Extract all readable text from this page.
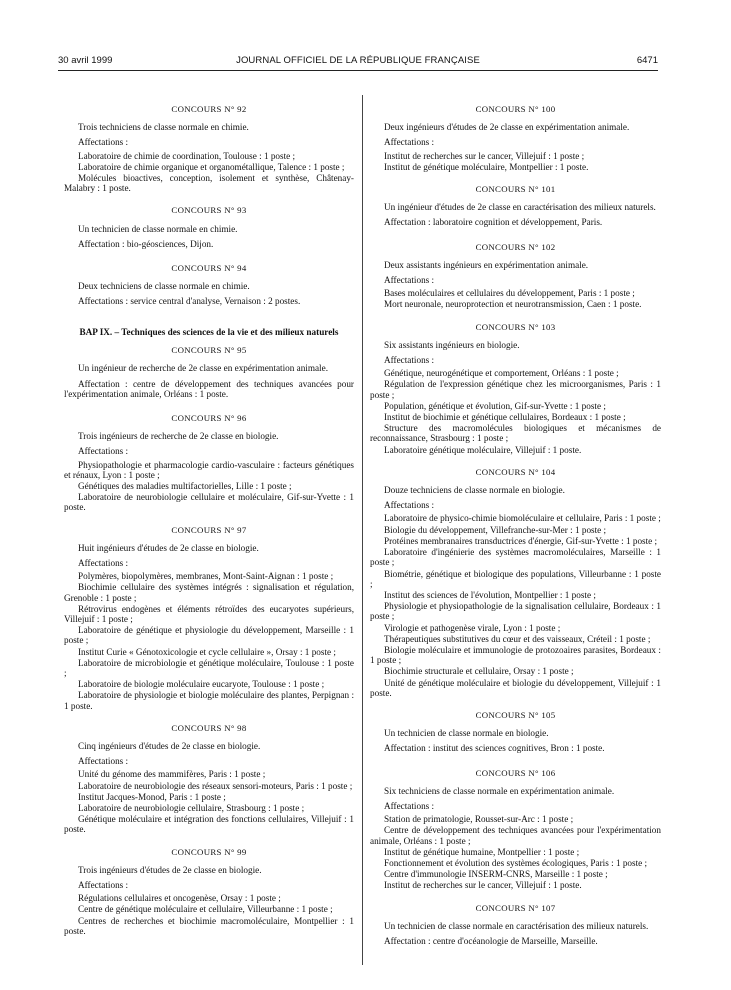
30 avril 1999	JOURNAL OFFICIEL DE LA RÉPUBLIQUE FRANÇAISE	6471
CONCOURS N° 92
Trois techniciens de classe normale en chimie.
Affectations :
Laboratoire de chimie de coordination, Toulouse : 1 poste ;
Laboratoire de chimie organique et organométallique, Talence : 1 poste ;
Molécules bioactives, conception, isolement et synthèse, Châtenay-Malabry : 1 poste.
CONCOURS N° 93
Un technicien de classe normale en chimie.
Affectation : bio-géosciences, Dijon.
CONCOURS N° 94
Deux techniciens de classe normale en chimie.
Affectations : service central d'analyse, Vernaison : 2 postes.
BAP IX. – Techniques des sciences de la vie et des milieux naturels
CONCOURS N° 95
Un ingénieur de recherche de 2e classe en expérimentation animale.
Affectation : centre de développement des techniques avancées pour l'expérimentation animale, Orléans : 1 poste.
CONCOURS N° 96
Trois ingénieurs de recherche de 2e classe en biologie.
Affectations :
Physiopathologie et pharmacologie cardio-vasculaire : facteurs génétiques et rénaux, Lyon : 1 poste ;
Génétiques des maladies multifactorielles, Lille : 1 poste ;
Laboratoire de neurobiologie cellulaire et moléculaire, Gif-sur-Yvette : 1 poste.
CONCOURS N° 97
Huit ingénieurs d'études de 2e classe en biologie.
Affectations :
Polymères, biopolymères, membranes, Mont-Saint-Aignan : 1 poste ;
Biochimie cellulaire des systèmes intégrés : signalisation et régulation, Grenoble : 1 poste ;
Rétrovirus endogènes et éléments rétroïdes des eucaryotes supérieurs, Villejuif : 1 poste ;
Laboratoire de génétique et physiologie du développement, Marseille : 1 poste ;
Institut Curie « Génotoxicologie et cycle cellulaire », Orsay : 1 poste ;
Laboratoire de microbiologie et génétique moléculaire, Toulouse : 1 poste ;
Laboratoire de biologie moléculaire eucaryote, Toulouse : 1 poste ;
Laboratoire de physiologie et biologie moléculaire des plantes, Perpignan : 1 poste.
CONCOURS N° 98
Cinq ingénieurs d'études de 2e classe en biologie.
Affectations :
Unité du génome des mammifères, Paris : 1 poste ;
Laboratoire de neurobiologie des réseaux sensori-moteurs, Paris : 1 poste ;
Institut Jacques-Monod, Paris : 1 poste ;
Laboratoire de neurobiologie cellulaire, Strasbourg : 1 poste ;
Génétique moléculaire et intégration des fonctions cellulaires, Villejuif : 1 poste.
CONCOURS N° 99
Trois ingénieurs d'études de 2e classe en biologie.
Affectations :
Régulations cellulaires et oncogenèse, Orsay : 1 poste ;
Centre de génétique moléculaire et cellulaire, Villeurbanne : 1 poste ;
Centres de recherches et biochimie macromoléculaire, Montpellier : 1 poste.
CONCOURS N° 100
Deux ingénieurs d'études de 2e classe en expérimentation animale.
Affectations :
Institut de recherches sur le cancer, Villejuif : 1 poste ;
Institut de génétique moléculaire, Montpellier : 1 poste.
CONCOURS N° 101
Un ingénieur d'études de 2e classe en caractérisation des milieux naturels.
Affectation : laboratoire cognition et développement, Paris.
CONCOURS N° 102
Deux assistants ingénieurs en expérimentation animale.
Affectations :
Bases moléculaires et cellulaires du développement, Paris : 1 poste ;
Mort neuronale, neuroprotection et neurotransmission, Caen : 1 poste.
CONCOURS N° 103
Six assistants ingénieurs en biologie.
Affectations :
Génétique, neurogénétique et comportement, Orléans : 1 poste ;
Régulation de l'expression génétique chez les microorganismes, Paris : 1 poste ;
Population, génétique et évolution, Gif-sur-Yvette : 1 poste ;
Institut de biochimie et génétique cellulaires, Bordeaux : 1 poste ;
Structure des macromolécules biologiques et mécanismes de reconnaissance, Strasbourg : 1 poste ;
Laboratoire génétique moléculaire, Villejuif : 1 poste.
CONCOURS N° 104
Douze techniciens de classe normale en biologie.
Affectations :
Laboratoire de physico-chimie biomoléculaire et cellulaire, Paris : 1 poste ;
Biologie du développement, Villefranche-sur-Mer : 1 poste ;
Protéines membranaires transductrices d'énergie, Gif-sur-Yvette : 1 poste ;
Laboratoire d'ingénierie des systèmes macromoléculaires, Marseille : 1 poste ;
Biométrie, génétique et biologique des populations, Villeurbanne : 1 poste ;
Institut des sciences de l'évolution, Montpellier : 1 poste ;
Physiologie et physiopathologie de la signalisation cellulaire, Bordeaux : 1 poste ;
Virologie et pathogenèse virale, Lyon : 1 poste ;
Thérapeutiques substitutives du cœur et des vaisseaux, Créteil : 1 poste ;
Biologie moléculaire et immunologie de protozoaires parasites, Bordeaux : 1 poste ;
Biochimie structurale et cellulaire, Orsay : 1 poste ;
Unité de génétique moléculaire et biologie du développement, Villejuif : 1 poste.
CONCOURS N° 105
Un technicien de classe normale en biologie.
Affectation : institut des sciences cognitives, Bron : 1 poste.
CONCOURS N° 106
Six techniciens de classe normale en expérimentation animale.
Affectations :
Station de primatologie, Rousset-sur-Arc : 1 poste ;
Centre de développement des techniques avancées pour l'expérimentation animale, Orléans : 1 poste ;
Institut de génétique humaine, Montpellier : 1 poste ;
Fonctionnement et évolution des systèmes écologiques, Paris : 1 poste ;
Centre d'immunologie INSERM-CNRS, Marseille : 1 poste ;
Institut de recherches sur le cancer, Villejuif : 1 poste.
CONCOURS N° 107
Un technicien de classe normale en caractérisation des milieux naturels.
Affectation : centre d'océanologie de Marseille, Marseille.
